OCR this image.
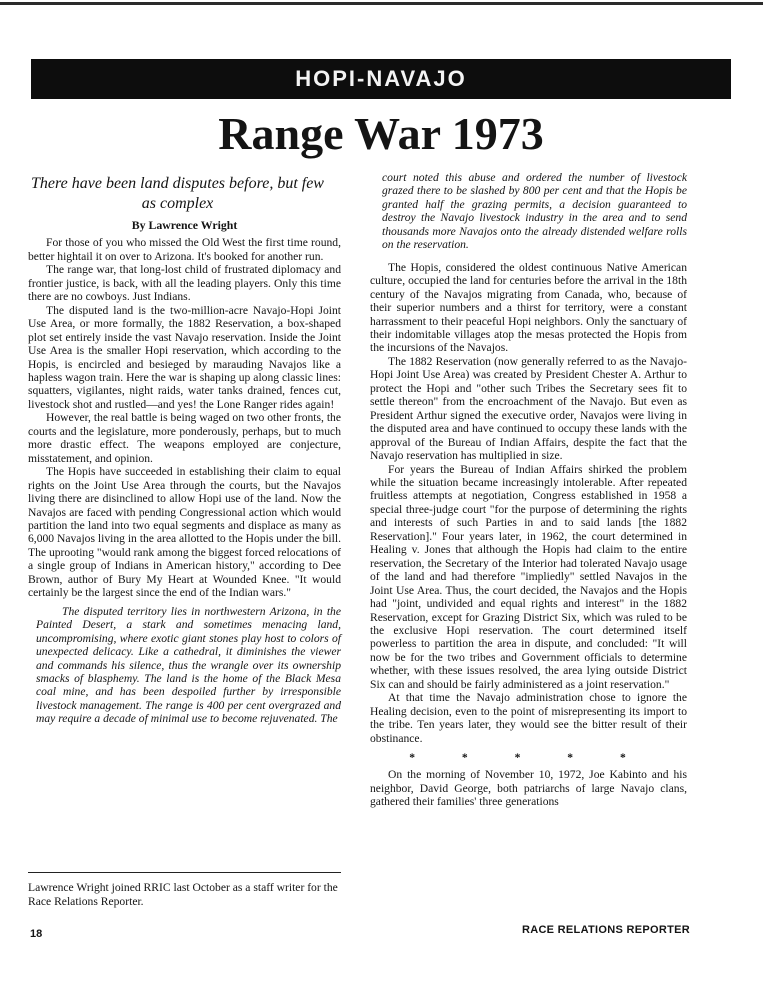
HOPI-NAVAJO
Range War 1973
There have been land disputes before, but few as complex
By Lawrence Wright

For those of you who missed the Old West the first time round, better hightail it on over to Arizona. It's booked for another run.

The range war, that long-lost child of frustrated diplomacy and frontier justice, is back, with all the leading players. Only this time there are no cowboys. Just Indians.

The disputed land is the two-million-acre Navajo-Hopi Joint Use Area, or more formally, the 1882 Reservation, a box-shaped plot set entirely inside the vast Navajo reservation. Inside the Joint Use Area is the smaller Hopi reservation, which according to the Hopis, is encircled and besieged by marauding Navajos like a hapless wagon train. Here the war is shaping up along classic lines: squatters, vigilantes, night raids, water tanks drained, fences cut, livestock shot and rustled—and yes! the Lone Ranger rides again!

However, the real battle is being waged on two other fronts, the courts and the legislature, more ponderously, perhaps, but to much more drastic effect. The weapons employed are conjecture, misstatement, and opinion.

The Hopis have succeeded in establishing their claim to equal rights on the Joint Use Area through the courts, but the Navajos living there are disinclined to allow Hopi use of the land. Now the Navajos are faced with pending Congressional action which would partition the land into two equal segments and displace as many as 6,000 Navajos living in the area allotted to the Hopis under the bill. The uprooting "would rank among the biggest forced relocations of a single group of Indians in American history," according to Dee Brown, author of Bury My Heart at Wounded Knee. "It would certainly be the largest since the end of the Indian wars."

The disputed territory lies in northwestern Arizona, in the Painted Desert, a stark and sometimes menacing land, uncompromising, where exotic giant stones play host to colors of unexpected delicacy. Like a cathedral, it diminishes the viewer and commands his silence, thus the wrangle over its ownership smacks of blasphemy. The land is the home of the Black Mesa coal mine, and has been despoiled further by irresponsible livestock management. The range is 400 per cent overgrazed and may require a decade of minimal use to become rejuvenated. The

Lawrence Wright joined RRIC last October as a staff writer for the Race Relations Reporter.

court noted this abuse and ordered the number of livestock grazed there to be slashed by 800 per cent and that the Hopis be granted half the grazing permits, a decision guaranteed to destroy the Navajo livestock industry in the area and to send thousands more Navajos onto the already distended welfare rolls on the reservation.

The Hopis, considered the oldest continuous Native American culture, occupied the land for centuries before the arrival in the 18th century of the Navajos migrating from Canada, who, because of their superior numbers and a thirst for territory, were a constant harrassment to their peaceful Hopi neighbors. Only the sanctuary of their indomitable villages atop the mesas protected the Hopis from the incursions of the Navajos.

The 1882 Reservation (now generally referred to as the Navajo-Hopi Joint Use Area) was created by President Chester A. Arthur to protect the Hopi and "other such Tribes the Secretary sees fit to settle thereon" from the encroachment of the Navajo. But even as President Arthur signed the executive order, Navajos were living in the disputed area and have continued to occupy these lands with the approval of the Bureau of Indian Affairs, despite the fact that the Navajo reservation has multiplied in size.

For years the Bureau of Indian Affairs shirked the problem while the situation became increasingly intolerable. After repeated fruitless attempts at negotiation, Congress established in 1958 a special three-judge court "for the purpose of determining the rights and interests of such Parties in and to said lands [the 1882 Reservation]." Four years later, in 1962, the court determined in Healing v. Jones that although the Hopis had claim to the entire reservation, the Secretary of the Interior had tolerated Navajo usage of the land and had therefore "impliedly" settled Navajos in the Joint Use Area. Thus, the court decided, the Navajos and the Hopis had "joint, undivided and equal rights and interest" in the 1882 Reservation, except for Grazing District Six, which was ruled to be the exclusive Hopi reservation. The court determined itself powerless to partition the area in dispute, and concluded: "It will now be for the two tribes and Government officials to determine whether, with these issues resolved, the area lying outside District Six can and should be fairly administered as a joint reservation."

At that time the Navajo administration chose to ignore the Healing decision, even to the point of misrepresenting its import to the tribe. Ten years later, they would see the bitter result of their obstinance.

* * * * *

On the morning of November 10, 1972, Joe Kabinto and his neighbor, David George, both patriarchs of large Navajo clans, gathered their families' three generations

18	RACE RELATIONS REPORTER
